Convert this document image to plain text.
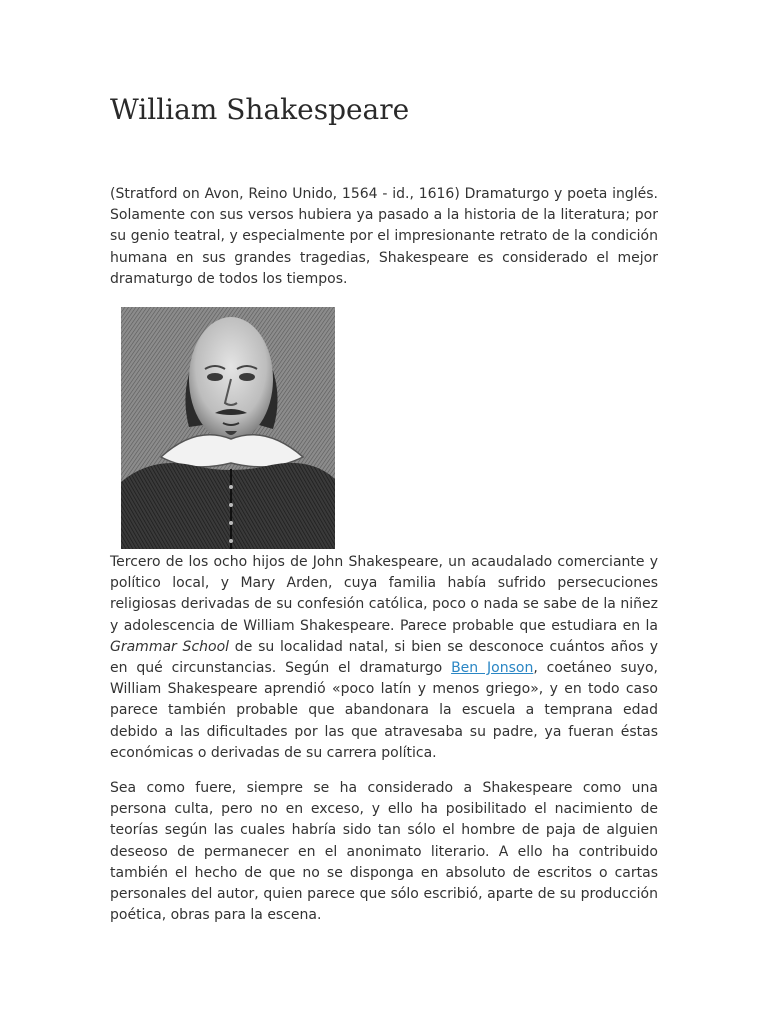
William Shakespeare

(Stratford on Avon, Reino Unido, 1564 - id., 1616) Dramaturgo y poeta inglés. Solamente con sus versos hubiera ya pasado a la historia de la literatura; por su genio teatral, y especialmente por el impresionante retrato de la condición humana en sus grandes tragedias, Shakespeare es considerado el mejor dramaturgo de todos los tiempos.

Tercero de los ocho hijos de John Shakespeare, un acaudalado comerciante y político local, y Mary Arden, cuya familia había sufrido persecuciones religiosas derivadas de su confesión católica, poco o nada se sabe de la niñez y adolescencia de William Shakespeare. Parece probable que estudiara en la Grammar School de su localidad natal, si bien se desconoce cuántos años y en qué circunstancias. Según el dramaturgo Ben Jonson, coetáneo suyo, William Shakespeare aprendió «poco latín y menos griego», y en todo caso parece también probable que abandonara la escuela a temprana edad debido a las dificultades por las que atravesaba su padre, ya fueran éstas económicas o derivadas de su carrera política.

Sea como fuere, siempre se ha considerado a Shakespeare como una persona culta, pero no en exceso, y ello ha posibilitado el nacimiento de teorías según las cuales habría sido tan sólo el hombre de paja de alguien deseoso de permanecer en el anonimato literario. A ello ha contribuido también el hecho de que no se disponga en absoluto de escritos o cartas personales del autor, quien parece que sólo escribió, aparte de su producción poética, obras para la escena.
